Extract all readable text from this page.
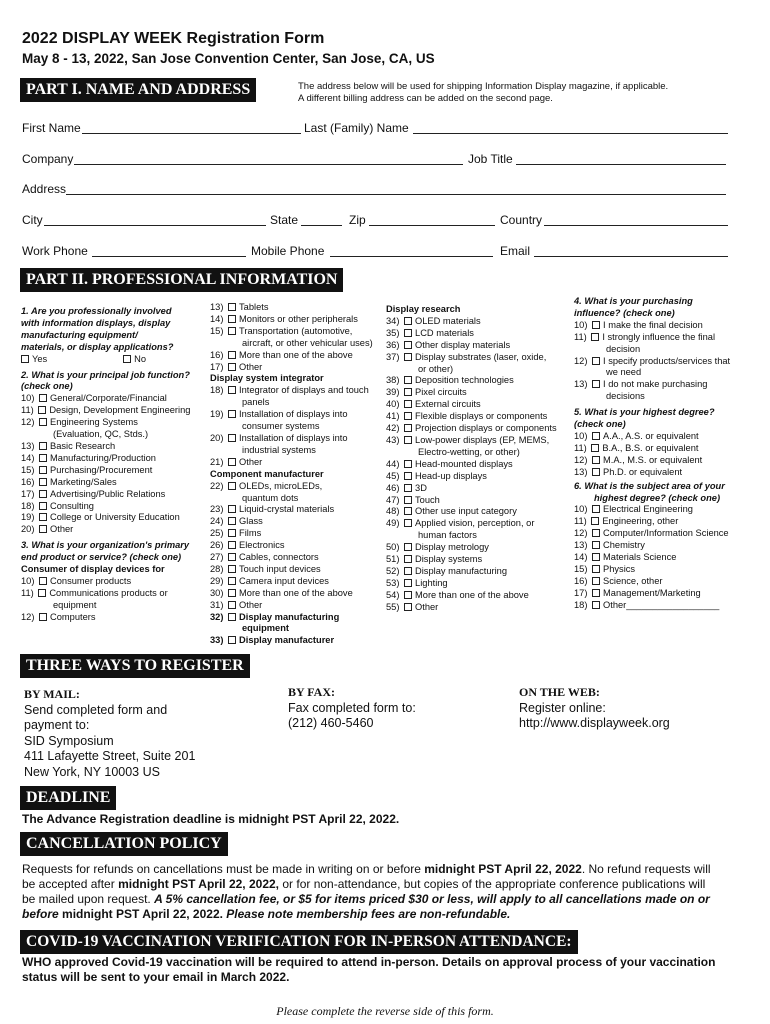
2022 DISPLAY WEEK Registration Form
May 8 - 13, 2022, San Jose Convention Center, San Jose, CA, US
PART I. NAME AND ADDRESS	The address below will be used for shipping Information Display magazine, if applicable.
A different billing address can be added on the second page.
First Name	Last (Family) Name
Company	Job Title
Address
City	State	Zip	Country
Work Phone	Mobile Phone	Email
PART II. PROFESSIONAL INFORMATION
1. Are you professionally involved
with information displays, display
manufacturing equipment/
materials, or display applications?
Yes	No
2. What is your principal job function?
(check one)
10) General/Corporate/Financial
11) Design, Development Engineering
12) Engineering Systems
(Evaluation, QC, Stds.)
13) Basic Research
14) Manufacturing/Production
15) Purchasing/Procurement
16) Marketing/Sales
17) Advertising/Public Relations
18) Consulting
19) College or University Education
20) Other
3. What is your organization's primary
end product or service? (check one)
Consumer of display devices for
10) Consumer products
11) Communications products or
equipment
12) Computers
13) Tablets
14) Monitors or other peripherals
15) Transportation (automotive,
aircraft, or other vehicular uses)
16) More than one of the above
17) Other
Display system integrator
18) Integrator of displays and touch
panels
19) Installation of displays into
consumer systems
20) Installation of displays into
industrial systems
21) Other
Component manufacturer
22) OLEDs, microLEDs,
quantum dots
23) Liquid-crystal materials
24) Glass
25) Films
26) Electronics
27) Cables, connectors
28) Touch input devices
29) Camera input devices
30) More than one of the above
31) Other
32) Display manufacturing
equipment
33) Display manufacturer
Display research
34) OLED materials
35) LCD materials
36) Other display materials
37) Display substrates (laser, oxide,
or other)
38) Deposition technologies
39) Pixel circuits
40) External circuits
41) Flexible displays or components
42) Projection displays or components
43) Low-power displays (EP, MEMS,
Electro-wetting, or other)
44) Head-mounted displays
45) Head-up displays
46) 3D
47) Touch
48) Other use input category
49) Applied vision, perception, or
human factors
50) Display metrology
51) Display systems
52) Display manufacturing
53) Lighting
54) More than one of the above
55) Other
4. What is your purchasing
influence? (check one)
10) I make the final decision
11) I strongly influence the final
decision
12) I specify products/services that
we need
13) I do not make purchasing
decisions
5. What is your highest degree?
(check one)
10) A.A., A.S. or equivalent
11) B.A., B.S. or equivalent
12) M.A., M.S. or equivalent
13) Ph.D. or equivalent
6. What is the subject area of your
highest degree? (check one)
10) Electrical Engineering
11) Engineering, other
12) Computer/Information Science
13) Chemistry
14) Materials Science
15) Physics
16) Science, other
17) Management/Marketing
18) Other__________________
THREE WAYS TO REGISTER
BY MAIL:
Send completed form and
payment to:
SID Symposium
411 Lafayette Street, Suite 201
New York, NY 10003 US
BY FAX:
Fax completed form to:
(212) 460-5460
ON THE WEB:
Register online:
http://www.displayweek.org
DEADLINE
The Advance Registration deadline is midnight PST April 22, 2022.
CANCELLATION POLICY
Requests for refunds on cancellations must be made in writing on or before midnight PST April 22, 2022. No refund requests will
be accepted after midnight PST April 22, 2022, or for non-attendance, but copies of the appropriate conference publications will
be mailed upon request. A 5% cancellation fee, or $5 for items priced $30 or less, will apply to all cancellations made on or
before midnight PST April 22, 2022. Please note membership fees are non-refundable.
COVID-19 VACCINATION VERIFICATION FOR IN-PERSON ATTENDANCE:
WHO approved Covid-19 vaccination will be required to attend in-person. Details on approval process of your vaccination
status will be sent to your email in March 2022.
Please complete the reverse side of this form.
